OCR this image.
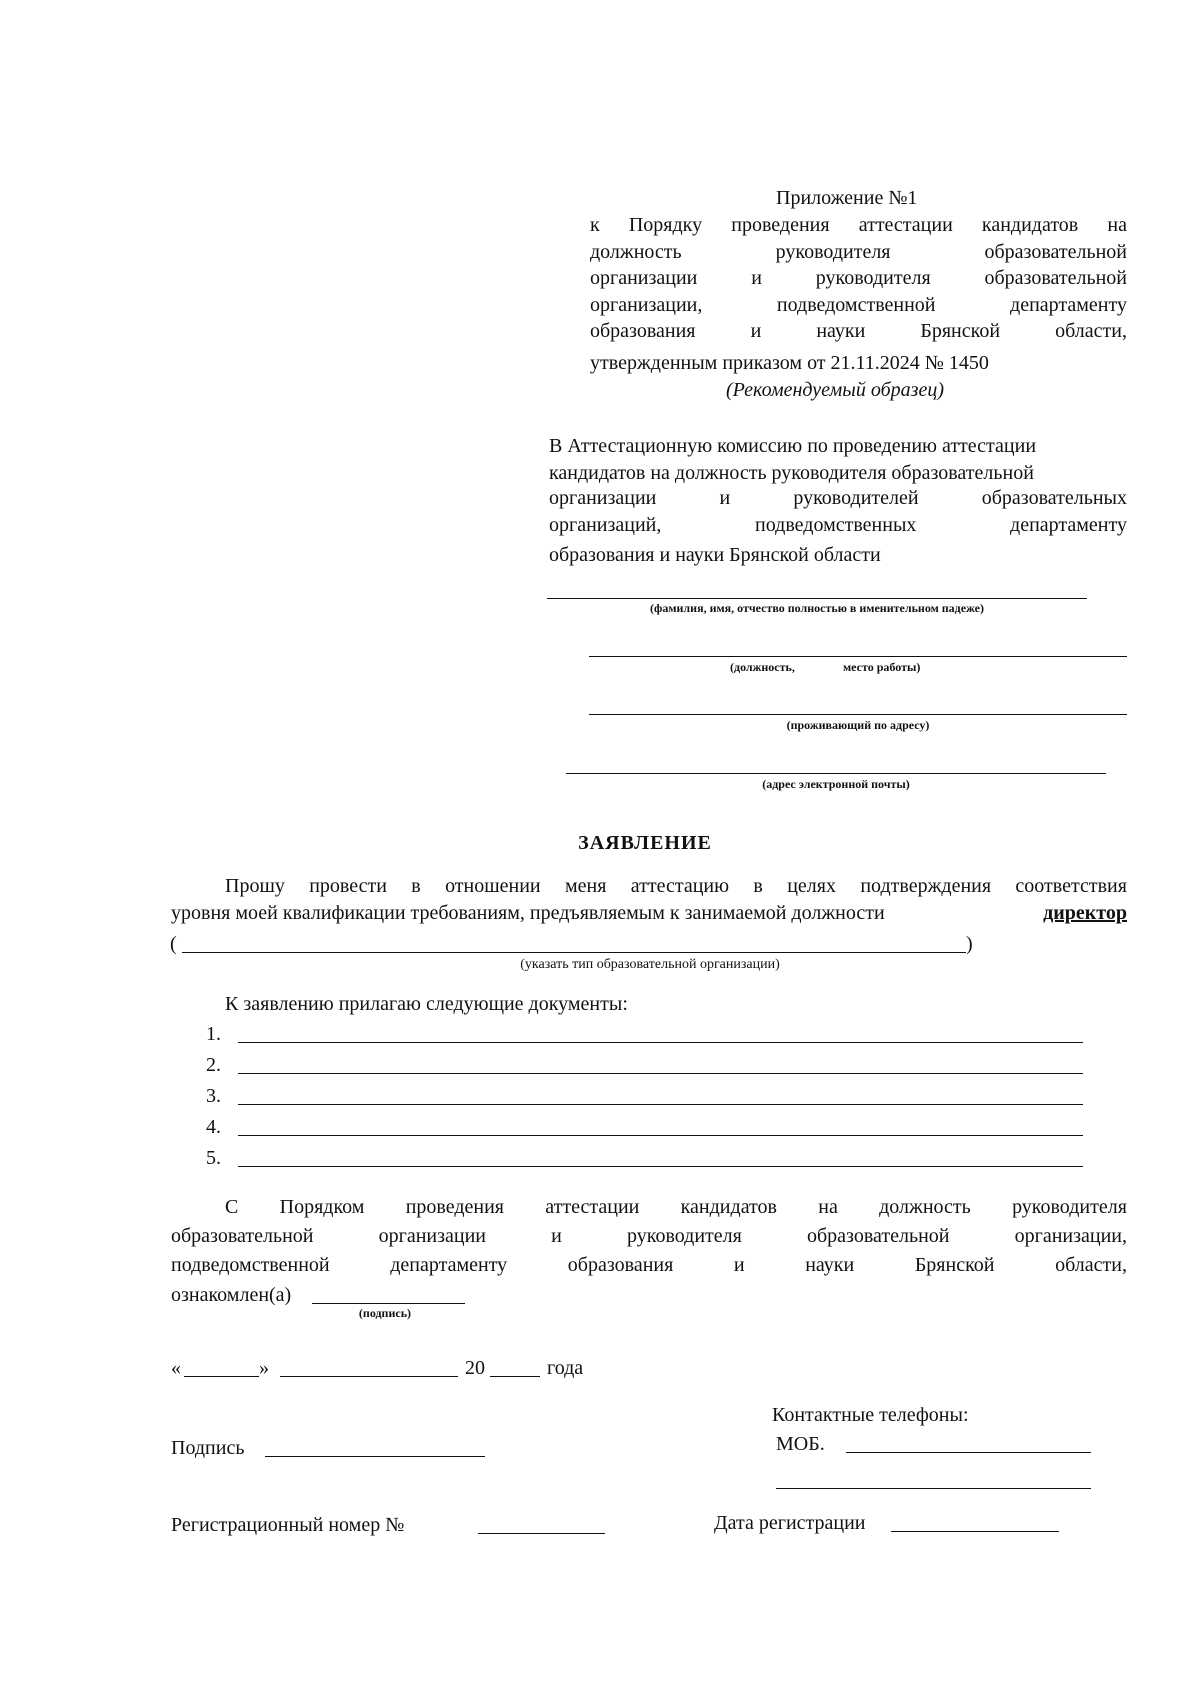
Приложение №1
к Порядку проведения аттестации кандидатов на
должность	руководителя	образовательной
организации	и	руководителя	образовательной
организации,	подведомственной	департаменту
образования	и	науки	Брянской	области,
утвержденным приказом от 21.11.2024 № 1450
(Рекомендуемый образец)
В Аттестационную комиссию по проведению аттестации
кандидатов на должность руководителя образовательной
организации	и	руководителей	образовательных
организаций,	подведомственных	департаменту
образования и науки Брянской области
(фамилия, имя, отчество полностью в именительном падеже)
(должность,	место работы)
(проживающий по адресу)
(адрес электронной почты)
ЗАЯВЛЕНИЕ
Прошу провести в отношении меня аттестацию в целях подтверждения соответствия
уровня моей квалификации требованиям, предъявляемым к занимаемой должности	директор
(	)
(указать тип образовательной организации)
К заявлению прилагаю следующие документы:
1.
2.
3.
4.
5.
С Порядком проведения аттестации кандидатов на должность руководителя
образовательной	организации	и	руководителя	образовательной	организации,
подведомственной	департаменту	образования	и	науки	Брянской	области,
ознакомлен(а)
(подпись)
«	»	20	года
Контактные телефоны:
МОБ.
Подпись
Регистрационный номер №	Дата регистрации
